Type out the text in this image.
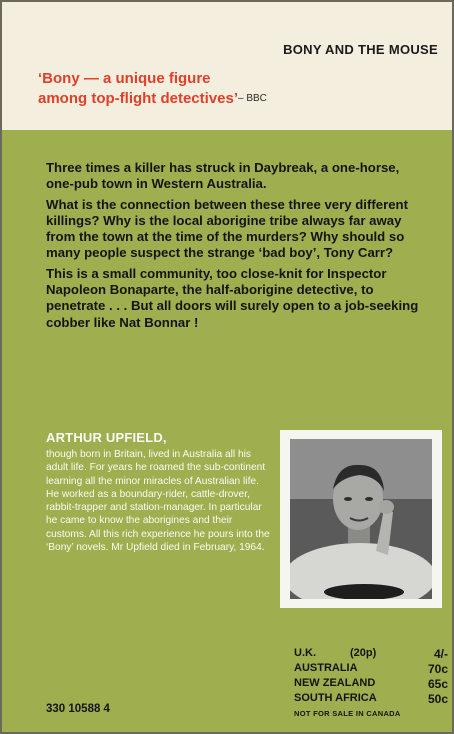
BONY AND THE MOUSE

‘Bony — a unique figure among top-flight detectives’ – BBC

Three times a killer has struck in Daybreak, a one-horse, one-pub town in Western Australia.

What is the connection between these three very different killings? Why is the local aborigine tribe always far away from the town at the time of the murders? Why should so many people suspect the strange ‘bad boy’, Tony Carr?

This is a small community, too close-knit for Inspector Napoleon Bonaparte, the half-aborigine detective, to penetrate . . . But all doors will surely open to a job-seeking cobber like Nat Bonnar !

ARTHUR UPFIELD,

though born in Britain, lived in Australia all his adult life. For years he roamed the sub-continent learning all the minor miracles of Australian life. He worked as a boundary-rider, cattle-drover, rabbit-trapper and station-manager. In particular he came to know the aborigines and their customs. All this rich experience he pours into the ‘Bony’ novels. Mr Upfield died in February, 1964.

U.K.	(20p)	4/-
AUSTRALIA	70c
NEW ZEALAND	65c
SOUTH AFRICA	50c
NOT FOR SALE IN CANADA

330 10588 4
